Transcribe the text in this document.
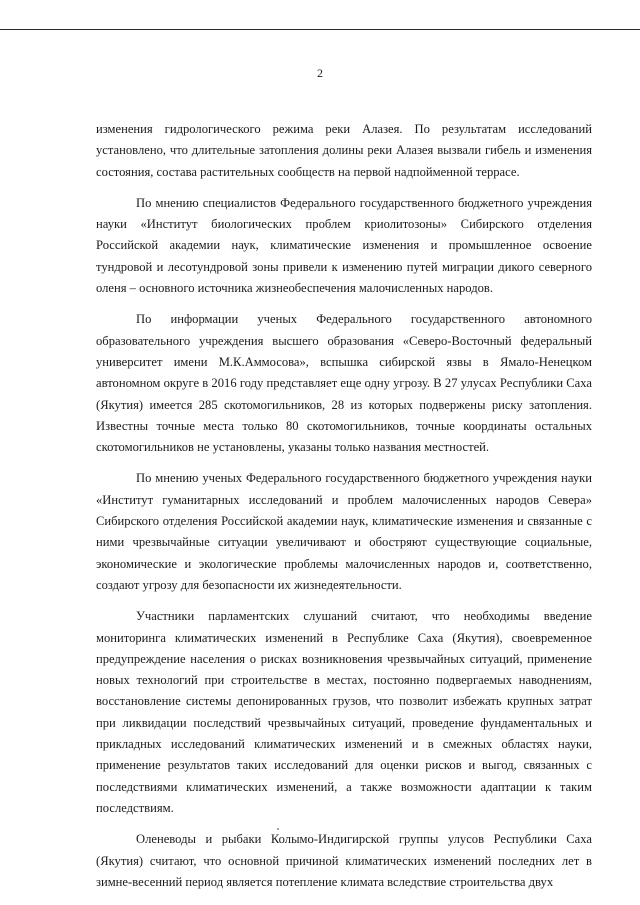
2

изменения гидрологического режима реки Алазея. По результатам исследований установлено, что длительные затопления долины реки Алазея вызвали гибель и изменения состояния, состава растительных сообществ на первой надпойменной террасе.

По мнению специалистов Федерального государственного бюджетного учреждения науки «Институт биологических проблем криолитозоны» Сибирского отделения Российской академии наук, климатические изменения и промышленное освоение тундровой и лесотундровой зоны привели к изменению путей миграции дикого северного оленя – основного источника жизнеобеспечения малочисленных народов.

По информации ученых Федерального государственного автономного образовательного учреждения высшего образования «Северо-Восточный федеральный университет имени М.К.Аммосова», вспышка сибирской язвы в Ямало-Ненецком автономном округе в 2016 году представляет еще одну угрозу. В 27 улусах Республики Саха (Якутия) имеется 285 скотомогильников, 28 из которых подвержены риску затопления. Известны точные места только 80 скотомогильников, точные координаты остальных скотомогильников не установлены, указаны только названия местностей.

По мнению ученых Федерального государственного бюджетного учреждения науки «Институт гуманитарных исследований и проблем малочисленных народов Севера» Сибирского отделения Российской академии наук, климатические изменения и связанные с ними чрезвычайные ситуации увеличивают и обостряют существующие социальные, экономические и экологические проблемы малочисленных народов и, соответственно, создают угрозу для безопасности их жизнедеятельности.

Участники парламентских слушаний считают, что необходимы введение мониторинга климатических изменений в Республике Саха (Якутия), своевременное предупреждение населения о рисках возникновения чрезвычайных ситуаций, применение новых технологий при строительстве в местах, постоянно подвергаемых наводнениям, восстановление системы депонированных грузов, что позволит избежать крупных затрат при ликвидации последствий чрезвычайных ситуаций, проведение фундаментальных и прикладных исследований климатических изменений и в смежных областях науки, применение результатов таких исследований для оценки рисков и выгод, связанных с последствиями климатических изменений, а также возможности адаптации к таким последствиям.

Оленеводы и рыбаки Колымо-Индигирской группы улусов Республики Саха (Якутия) считают, что основной причиной климатических изменений последних лет в зимне-весенний период является потепление климата вследствие строительства двух
